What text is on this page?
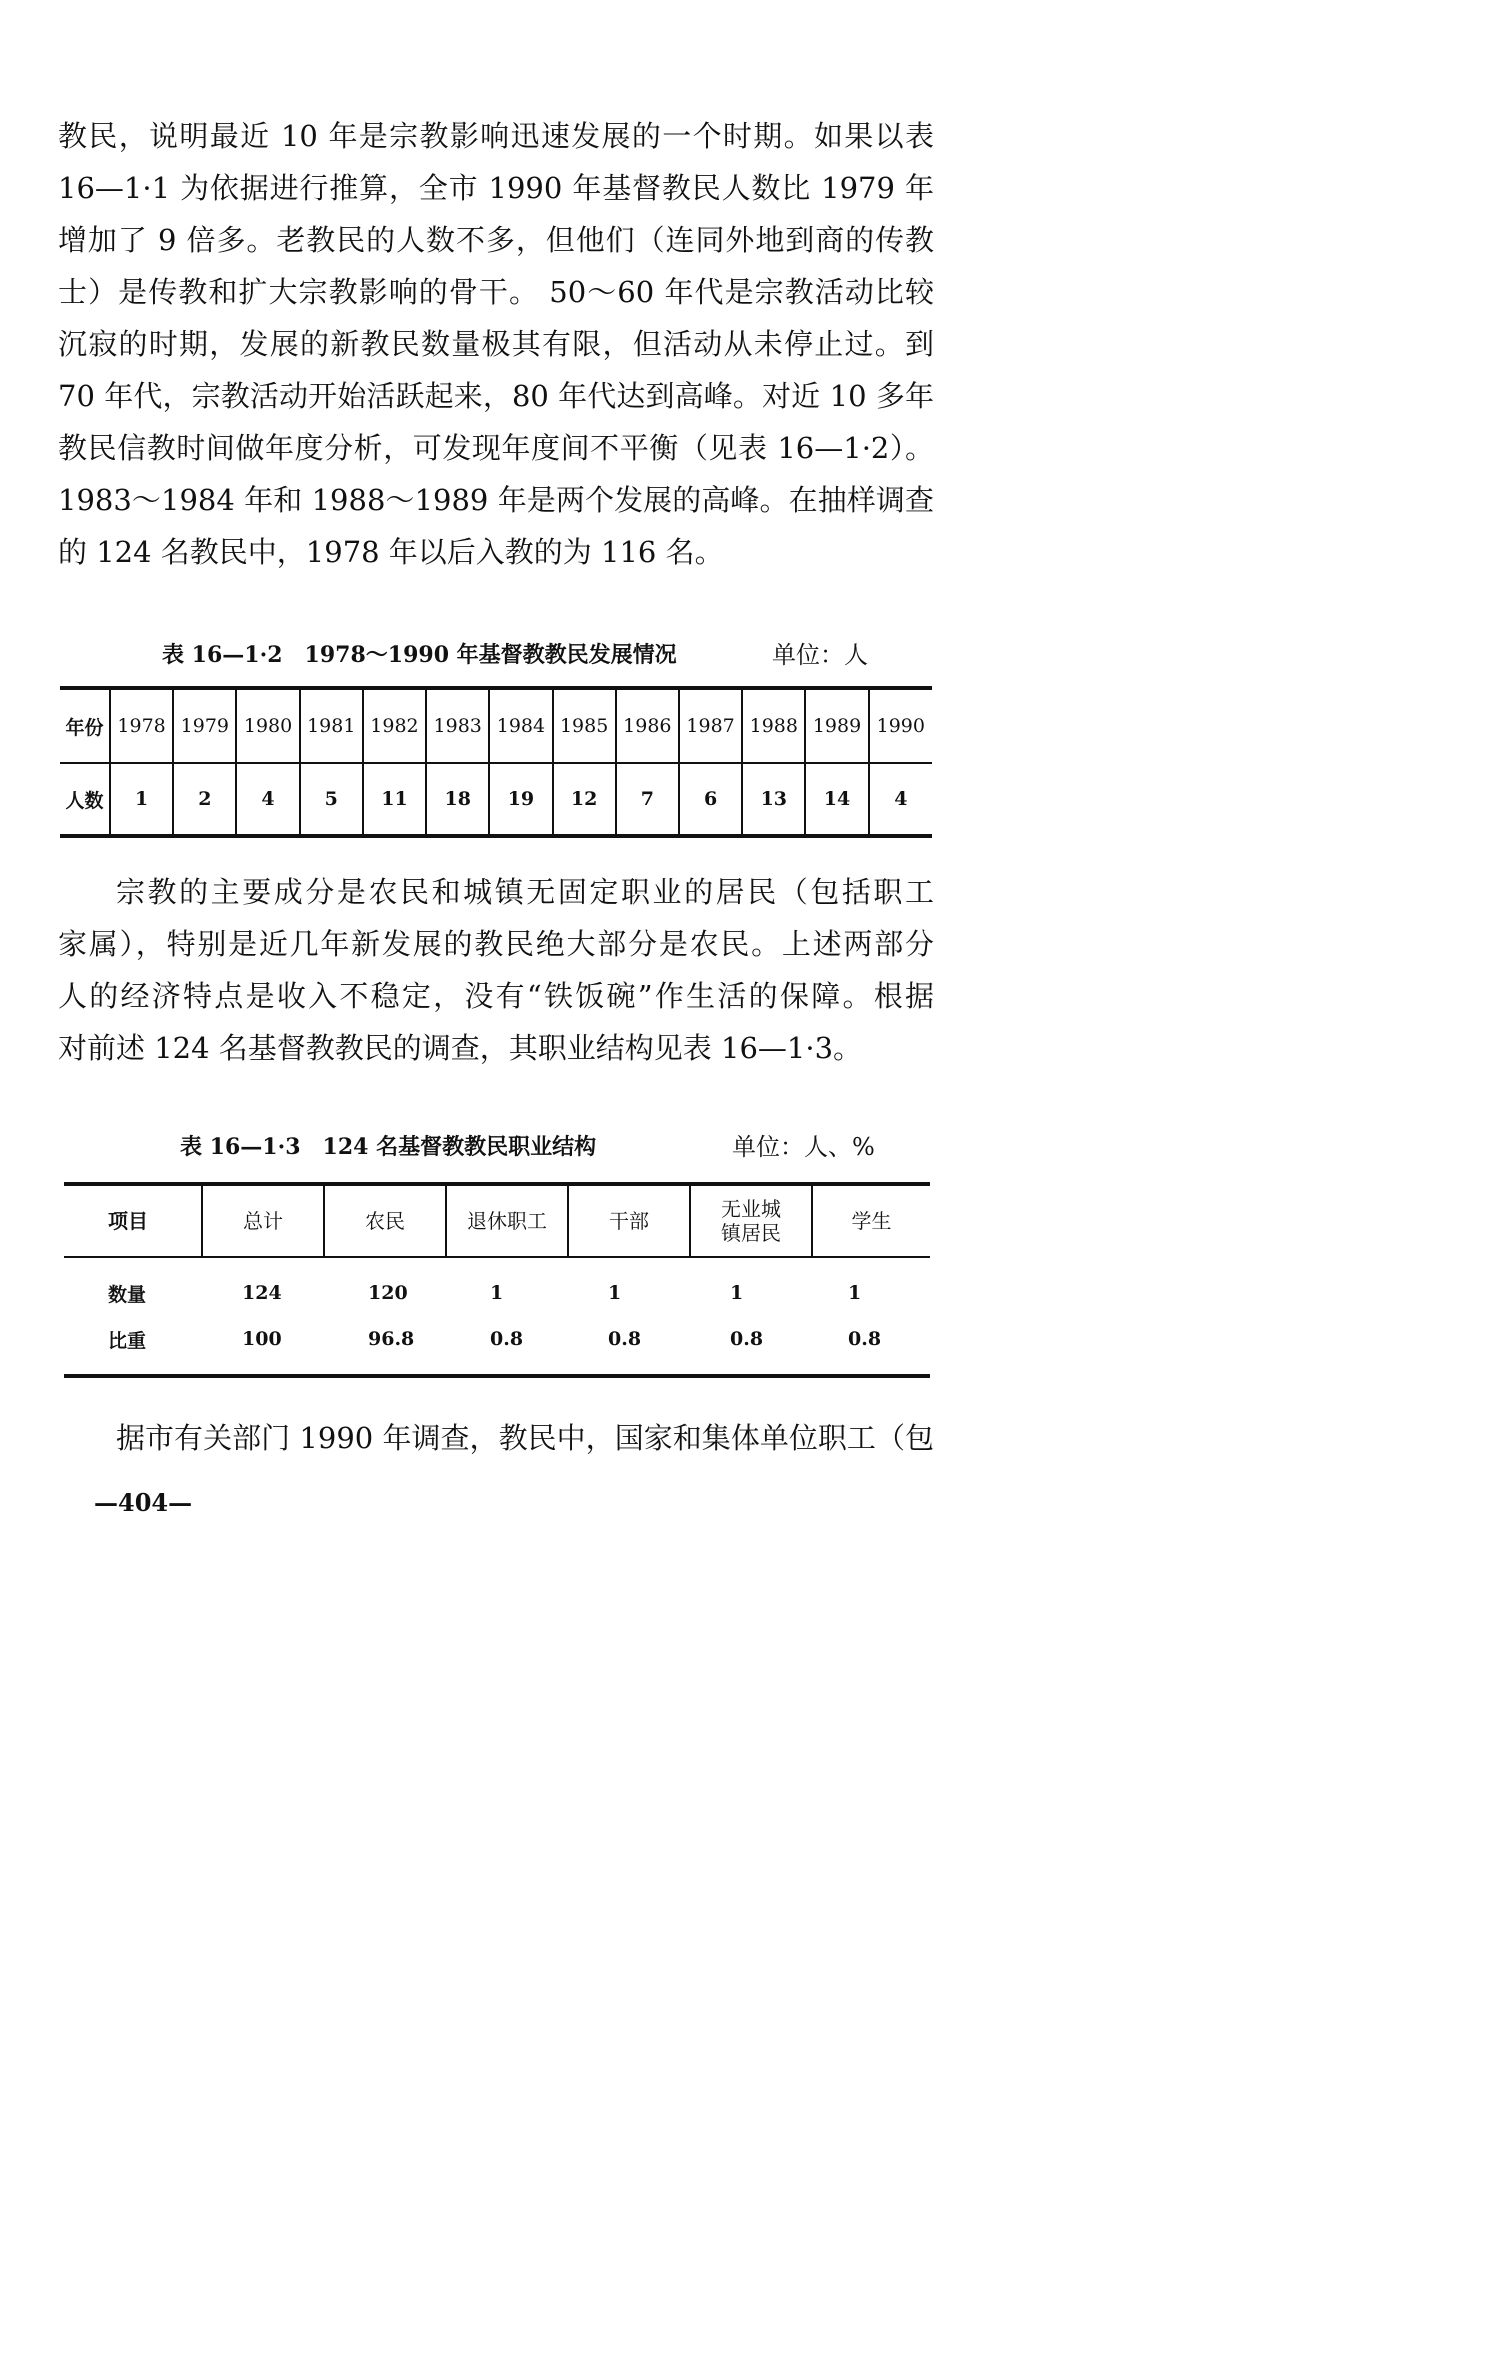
教民，说明最近 10 年是宗教影响迅速发展的一个时期。如果以表
16—1·1 为依据进行推算，全市 1990 年基督教民人数比 1979 年
增加了 9 倍多。老教民的人数不多，但他们（连同外地到商的传教
士）是传教和扩大宗教影响的骨干。 50～60 年代是宗教活动比较
沉寂的时期，发展的新教民数量极其有限，但活动从未停止过。到
70 年代，宗教活动开始活跃起来，80 年代达到高峰。对近 10 多年
教民信教时间做年度分析，可发现年度间不平衡（见表 16—1·2）。
1983～1984 年和 1988～1989 年是两个发展的高峰。在抽样调查
的 124 名教民中，1978 年以后入教的为 116 名。
表 16—1·2　1978～1990 年基督教教民发展情况	单位：人
年份	1978	1979	1980	1981	1982	1983	1984	1985	1986	1987	1988	1989	1990
人数	1	2	4	5	11	18	19	12	7	6	13	14	4
宗教的主要成分是农民和城镇无固定职业的居民（包括职工
家属），特别是近几年新发展的教民绝大部分是农民。上述两部分
人的经济特点是收入不稳定，没有“铁饭碗”作生活的保障。根据
对前述 124 名基督教教民的调查，其职业结构见表 16—1·3。
表 16—1·3　124 名基督教教民职业结构	单位：人、%
项目	总计	农民	退休职工	干部	无业城镇居民	学生

数量	124	120	1	1	1	1
比重	100	96.8	0.8	0.8	0.8	0.8

据市有关部门 1990 年调查，教民中，国家和集体单位职工（包
—404—
